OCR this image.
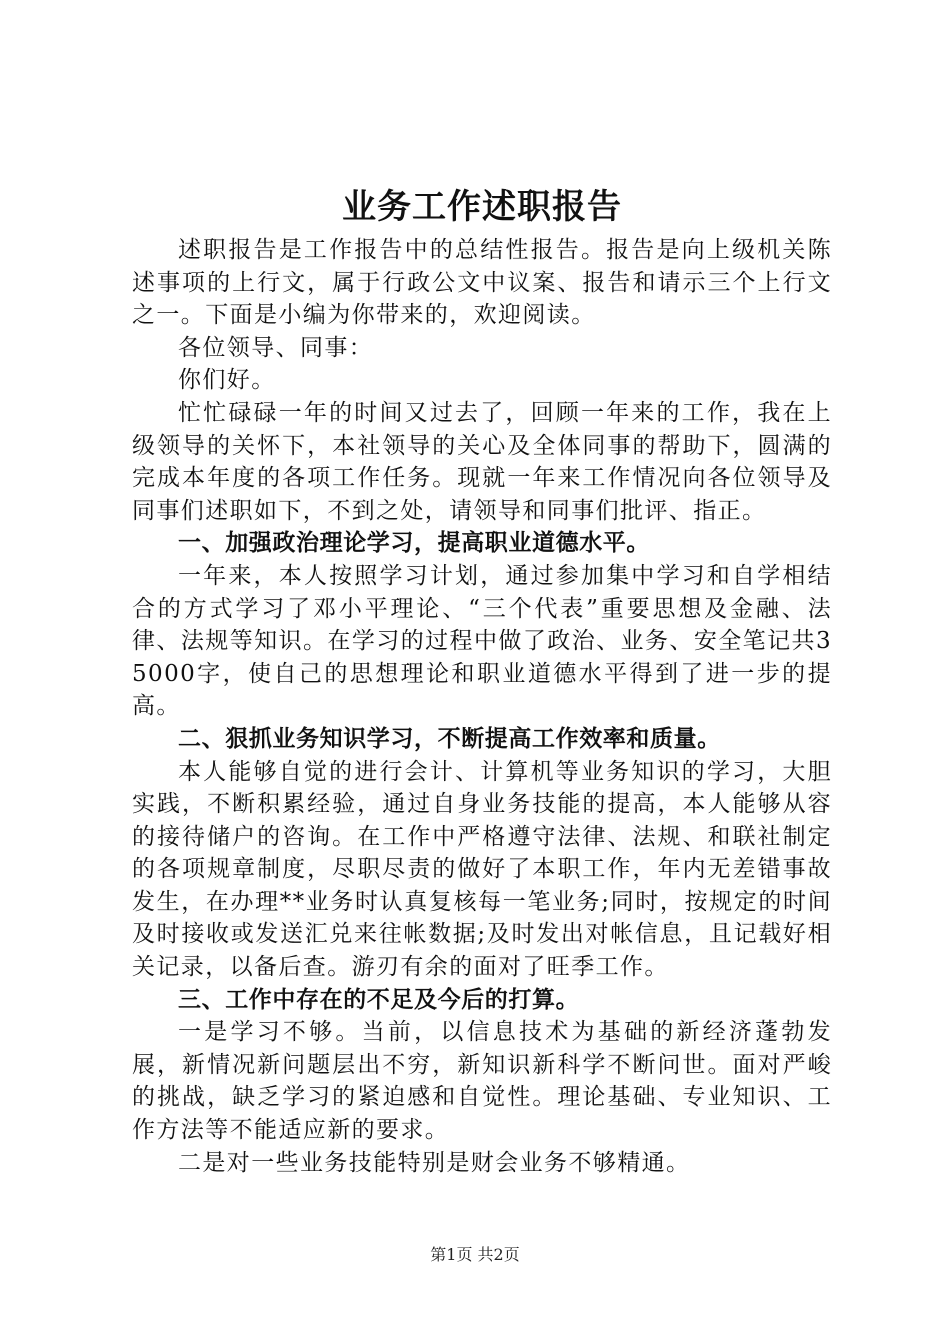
业务工作述职报告

述职报告是工作报告中的总结性报告。报告是向上级机关陈述事项的上行文，属于行政公文中议案、报告和请示三个上行文之一。下面是小编为你带来的，欢迎阅读。

各位领导、同事：

你们好。

忙忙碌碌一年的时间又过去了，回顾一年来的工作，我在上级领导的关怀下，本社领导的关心及全体同事的帮助下，圆满的完成本年度的各项工作任务。现就一年来工作情况向各位领导及同事们述职如下，不到之处，请领导和同事们批评、指正。

一、加强政治理论学习，提高职业道德水平。

一年来，本人按照学习计划，通过参加集中学习和自学相结合的方式学习了邓小平理论、“三个代表”重要思想及金融、法律、法规等知识。在学习的过程中做了政治、业务、安全笔记共35000字，使自己的思想理论和职业道德水平得到了进一步的提高。

二、狠抓业务知识学习，不断提高工作效率和质量。

本人能够自觉的进行会计、计算机等业务知识的学习，大胆实践，不断积累经验，通过自身业务技能的提高，本人能够从容的接待储户的咨询。在工作中严格遵守法律、法规、和联社制定的各项规章制度，尽职尽责的做好了本职工作，年内无差错事故发生，在办理**业务时认真复核每一笔业务;同时，按规定的时间及时接收或发送汇兑来往帐数据;及时发出对帐信息，且记载好相关记录，以备后查。游刃有余的面对了旺季工作。

三、工作中存在的不足及今后的打算。

一是学习不够。当前，以信息技术为基础的新经济蓬勃发展，新情况新问题层出不穷，新知识新科学不断问世。面对严峻的挑战，缺乏学习的紧迫感和自觉性。理论基础、专业知识、工作方法等不能适应新的要求。

二是对一些业务技能特别是财会业务不够精通。

第1页 共2页
